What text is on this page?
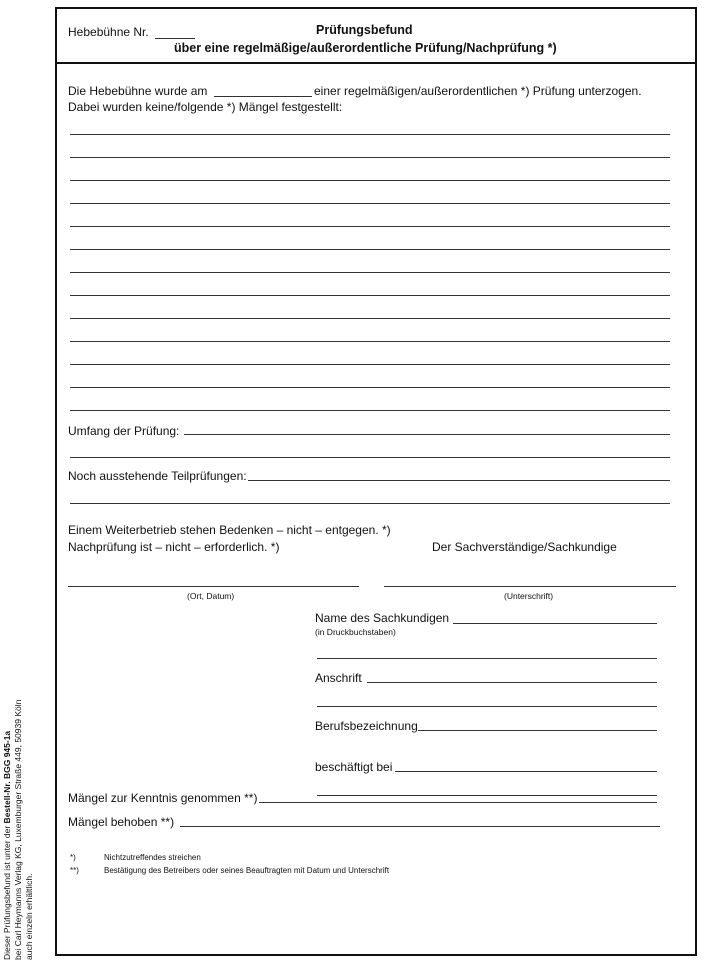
Hebebühne Nr.	Prüfungsbefund
über eine regelmäßige/außerordentliche Prüfung/Nachprüfung *)
Die Hebebühne wurde am	einer regelmäßigen/außerordentlichen *) Prüfung unterzogen.
Dabei wurden keine/folgende *) Mängel festgestellt:
Umfang der Prüfung:
Noch ausstehende Teilprüfungen:
Einem Weiterbetrieb stehen Bedenken – nicht – entgegen. *)
Nachprüfung ist – nicht – erforderlich. *)	Der Sachverständige/Sachkundige
(Ort, Datum)	(Unterschrift)
Name des Sachkundigen
(in Druckbuchstaben)
Anschrift
Berufsbezeichnung
beschäftigt bei
Mängel zur Kenntnis genommen **)
Mängel behoben **)
*)	Nichtzutreffendes streichen
**)	Bestätigung des Betreibers oder seines Beauftragten mit Datum und Unterschrift
Dieser Prüfungsbefund ist unter der Bestell-Nr. BGG 945-1a bei Carl Heymanns Verlag KG, Luxemburger Straße 449, 50939 Köln auch einzeln erhältlich.
